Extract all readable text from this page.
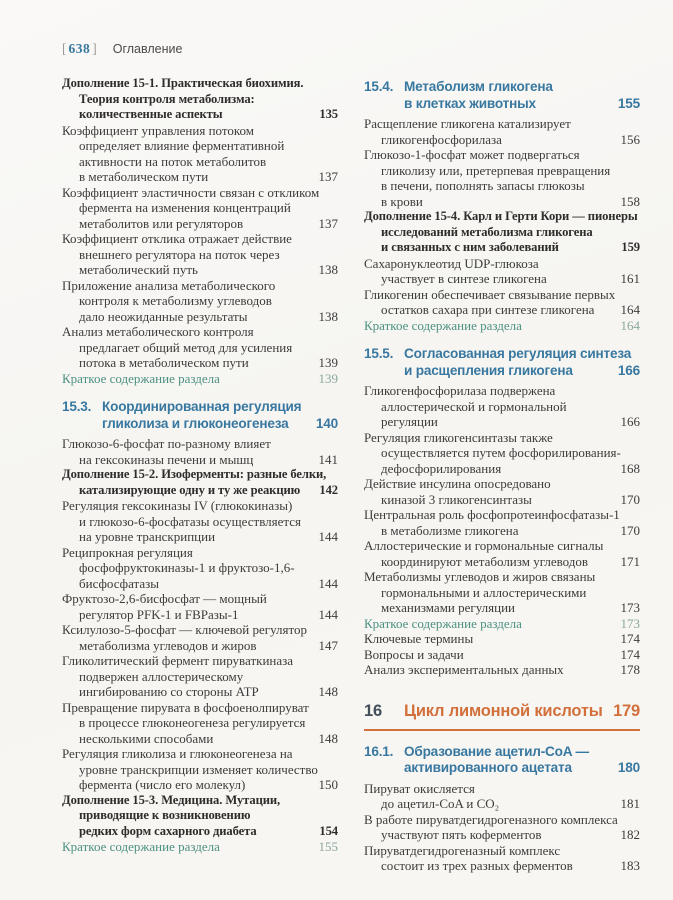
[ 638 ] Оглавление
Дополнение 15-1. Практическая биохимия.
Теория контроля метаболизма:
количественные аспекты	135
Коэффициент управления потоком
определяет влияние ферментативной
активности на поток метаболитов
в метаболическом пути	137
Коэффициент эластичности связан с откликом
фермента на изменения концентраций
метаболитов или регуляторов	137
Коэффициент отклика отражает действие
внешнего регулятора на поток через
метаболический путь	138
Приложение анализа метаболического
контроля к метаболизму углеводов
дало неожиданные результаты	138
Анализ метаболического контроля
предлагает общий метод для усиления
потока в метаболическом пути	139
Краткое содержание раздела	139
15.3. Координированная регуляция
гликолиза и глюконеогенеза 140
Глюкозо-6-фосфат по-разному влияет
на гексокиназы печени и мышц	141
Дополнение 15-2. Изоферменты: разные белки,
катализирующие одну и ту же реакцию 142
Регуляция гексокиназы IV (глюкокиназы)
и глюкозо-6-фосфатазы осуществляется
на уровне транскрипции	144
Реципрокная регуляция
фосфофруктокиназы-1 и фруктозо-1,6-
бисфосфатазы	144
Фруктозо-2,6-бисфосфат — мощный
регулятор PFK-1 и FBPазы-1	144
Ксилулозо-5-фосфат — ключевой регулятор
метаболизма углеводов и жиров	147
Гликолитический фермент пируваткиназа
подвержен аллостерическому
ингибированию со стороны ATP	148
Превращение пирувата в фосфоенолпируват
в процессе глюконеогенеза регулируется
несколькими способами	148
Регуляция гликолиза и глюконеогенеза на
уровне транскрипции изменяет количество
фермента (число его молекул)	150
Дополнение 15-3. Медицина. Мутации,
приводящие к возникновению
редких форм сахарного диабета	154
Краткое содержание раздела	155
15.4. Метаболизм гликогена
в клетках животных	155
Расщепление гликогена катализирует
гликогенфосфорилаза	156
Глюкозо-1-фосфат может подвергаться
гликолизу или, претерпевая превращения
в печени, пополнять запасы глюкозы
в крови	158
Дополнение 15-4. Карл и Герти Кори — пионеры
исследований метаболизма гликогена
и связанных с ним заболеваний	159
Сахаронуклеотид UDP-глюкоза
участвует в синтезе гликогена	161
Гликогенин обеспечивает связывание первых
остатков сахара при синтезе гликогена 164
Краткое содержание раздела	164
15.5. Согласованная регуляция синтеза
и расщепления гликогена	166
Гликогенфосфорилаза подвержена
аллостерической и гормональной
регуляции	166
Регуляция гликогенсинтазы также
осуществляется путем фосфорилирования-
дефосфорилирования	168
Действие инсулина опосредовано
киназой 3 гликогенсинтазы	170
Центральная роль фосфопротеинфосфатазы-1
в метаболизме гликогена	170
Аллостерические и гормональные сигналы
координируют метаболизм углеводов 171
Метаболизмы углеводов и жиров связаны
гормональными и аллостерическими
механизмами регуляции	173
Краткое содержание раздела	173
Ключевые термины	174
Вопросы и задачи	174
Анализ экспериментальных данных	178
16	Цикл лимонной кислоты 179
16.1. Образование ацетил-CoA —
активированного ацетата	180
Пируват окисляется
до ацетил-CoA и CO₂	181
В работе пируватдегидрогеназного комплекса
участвуют пять коферментов	182
Пируватдегидрогеназный комплекс
состоит из трех разных ферментов	183
